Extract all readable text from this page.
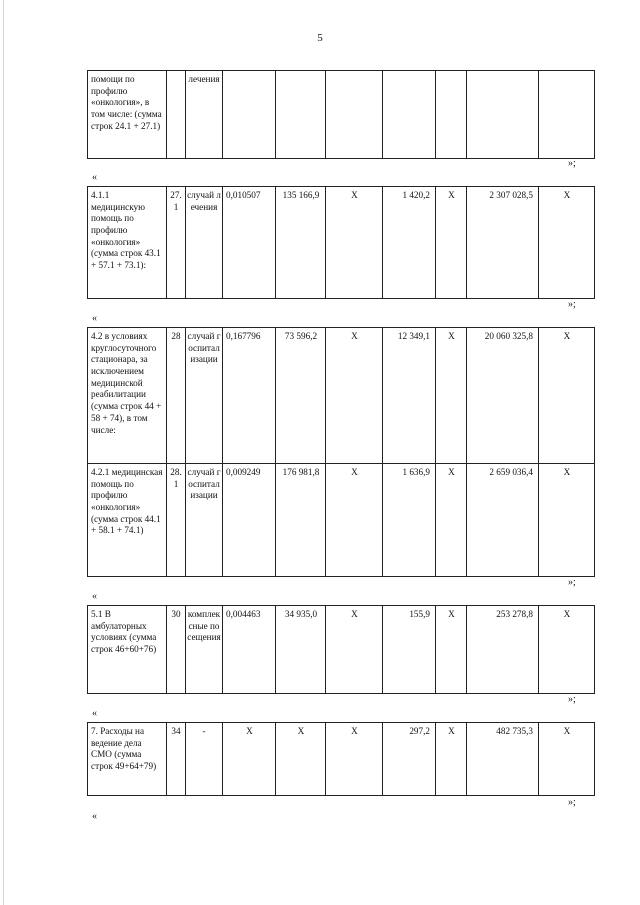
5
помощи по профилю «онкология», в том числе: (сумма строк 24.1 + 27.1)		лечения							
»;
«
4.1.1 медицинскую помощь по профилю «онкология» (сумма строк 43.1 + 57.1 + 73.1):	27.1	случай лечения	0,010507	135 166,9	X	1 420,2	X	2 307 028,5	X
»;
«
4.2 в условиях круглосуточного стационара, за исключением медицинской реабилитации (сумма строк 44 + 58 + 74), в том числе:	28	случай госпитализации	0,167796	73 596,2	X	12 349,1	X	20 060 325,8	X
4.2.1 медицинская помощь по профилю «онкология» (сумма строк 44.1 + 58.1 + 74.1)	28.1	случай госпитализации	0,009249	176 981,8	X	1 636,9	X	2 659 036,4	X
»;
«
5.1 В амбулаторных условиях (сумма строк 46+60+76)	30	комплексные посещения	0,004463	34 935,0	X	155,9	X	253 278,8	X
»;
«
7. Расходы на ведение дела СМО (сумма строк 49+64+79)	34	-	X	X	X	297,2	X	482 735,3	X
»;
«
